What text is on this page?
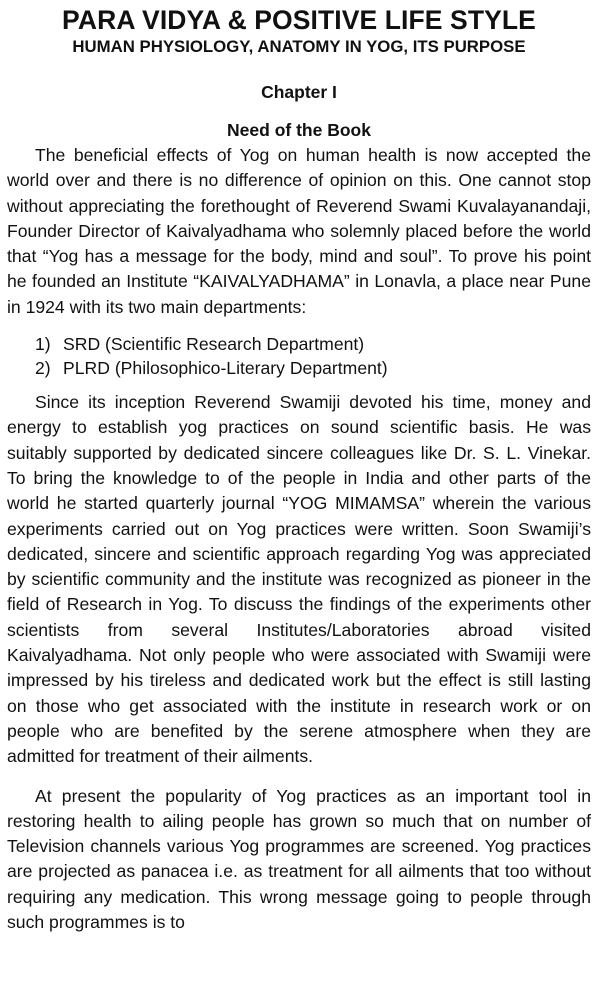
PARA VIDYA & POSITIVE LIFE STYLE
HUMAN PHYSIOLOGY, ANATOMY IN YOG, ITS PURPOSE
Chapter I
Need of the Book

The beneficial effects of Yog on human health is now accepted the world over and there is no difference of opinion on this. One cannot stop without appreciating the forethought of Reverend Swami Kuvalayanandaji, Founder Director of Kaivalyadhama who solemnly placed before the world that “Yog has a message for the body, mind and soul”. To prove his point he founded an Institute “KAIVALYADHAMA” in Lonavla, a place near Pune in 1924 with its two main departments:

1) SRD (Scientific Research Department)
2) PLRD (Philosophico-Literary Department)

Since its inception Reverend Swamiji devoted his time, money and energy to establish yog practices on sound scientific basis. He was suitably supported by dedicated sincere colleagues like Dr. S. L. Vinekar. To bring the knowledge to of the people in India and other parts of the world he started quarterly journal “YOG MIMAMSA” wherein the various experiments carried out on Yog practices were written. Soon Swamiji’s dedicated, sincere and scientific approach regarding Yog was appreciated by scientific community and the institute was recognized as pioneer in the field of Research in Yog. To discuss the findings of the experiments other scientists from several Institutes/Laboratories abroad visited Kaivalyadhama. Not only people who were associated with Swamiji were impressed by his tireless and dedicated work but the effect is still lasting on those who get associated with the institute in research work or on people who are benefited by the serene atmosphere when they are admitted for treatment of their ailments.

At present the popularity of Yog practices as an important tool in restoring health to ailing people has grown so much that on number of Television channels various Yog programmes are screened. Yog practices are projected as panacea i.e. as treatment for all ailments that too without requiring any medication. This wrong message going to people through such programmes is to
